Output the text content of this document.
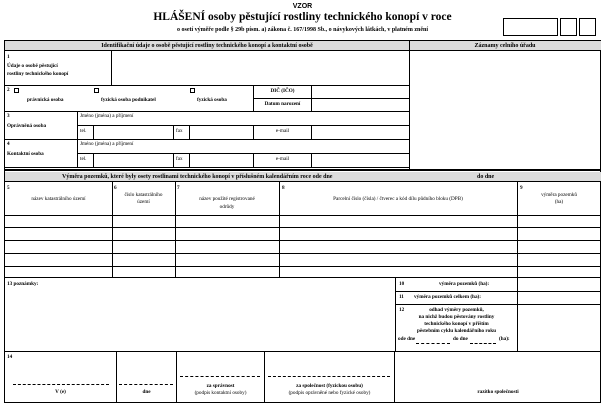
VZOR
HLÁŠENÍ osoby pěstující rostliny technického konopí v roce
o osetí výměře podle § 29b písm. a) zákona č. 167/1998 Sb., o návykových látkách, v platném znění
Identifikační údaje o osobě pěstující rostliny technického konopí a kontaktní osobě	Záznamy celního úřadu
1
Údaje o osobě pěstující
rostliny technického konopí
2
právnická osoba	fyzická osoba podnikatel	fyzická osoba
DIČ (IČO)
Datum narození
3
Oprávněná osoba
Jméno (jména) a příjmení
tel.	fax	e-mail
4
Kontaktní osoba
Jméno (jména) a příjmení
tel.	fax	e-mail
Výměra pozemků, které byly osety rostlinami technického konopí v příslušném kalendářním roce ode dne	do dne
5
název katastrálního území
6
číslo katastrálního
území
7
název použité registrované
odrůdy
8
Parcelní číslo (čísla) / čtverec a kód dílu půdního bloku (DPB)
9
výměra pozemků
(ha)
13 poznámky:	10	výměra pozemků (ha):
11 výměra pozemků celkem (ha):
12	odhad výměry pozemků,
na nichž budou pěstovány rostliny
technického konopí v příštím
pěstebním cyklu kalendářního roku
ode dne	do dne	(ha):
14
V (e)	dne
za správnost
(podpis kontaktní osoby)
za společnost (fyzickou osobu)
(podpis oprávněné nebo fyzické osoby)	razítko společnosti
